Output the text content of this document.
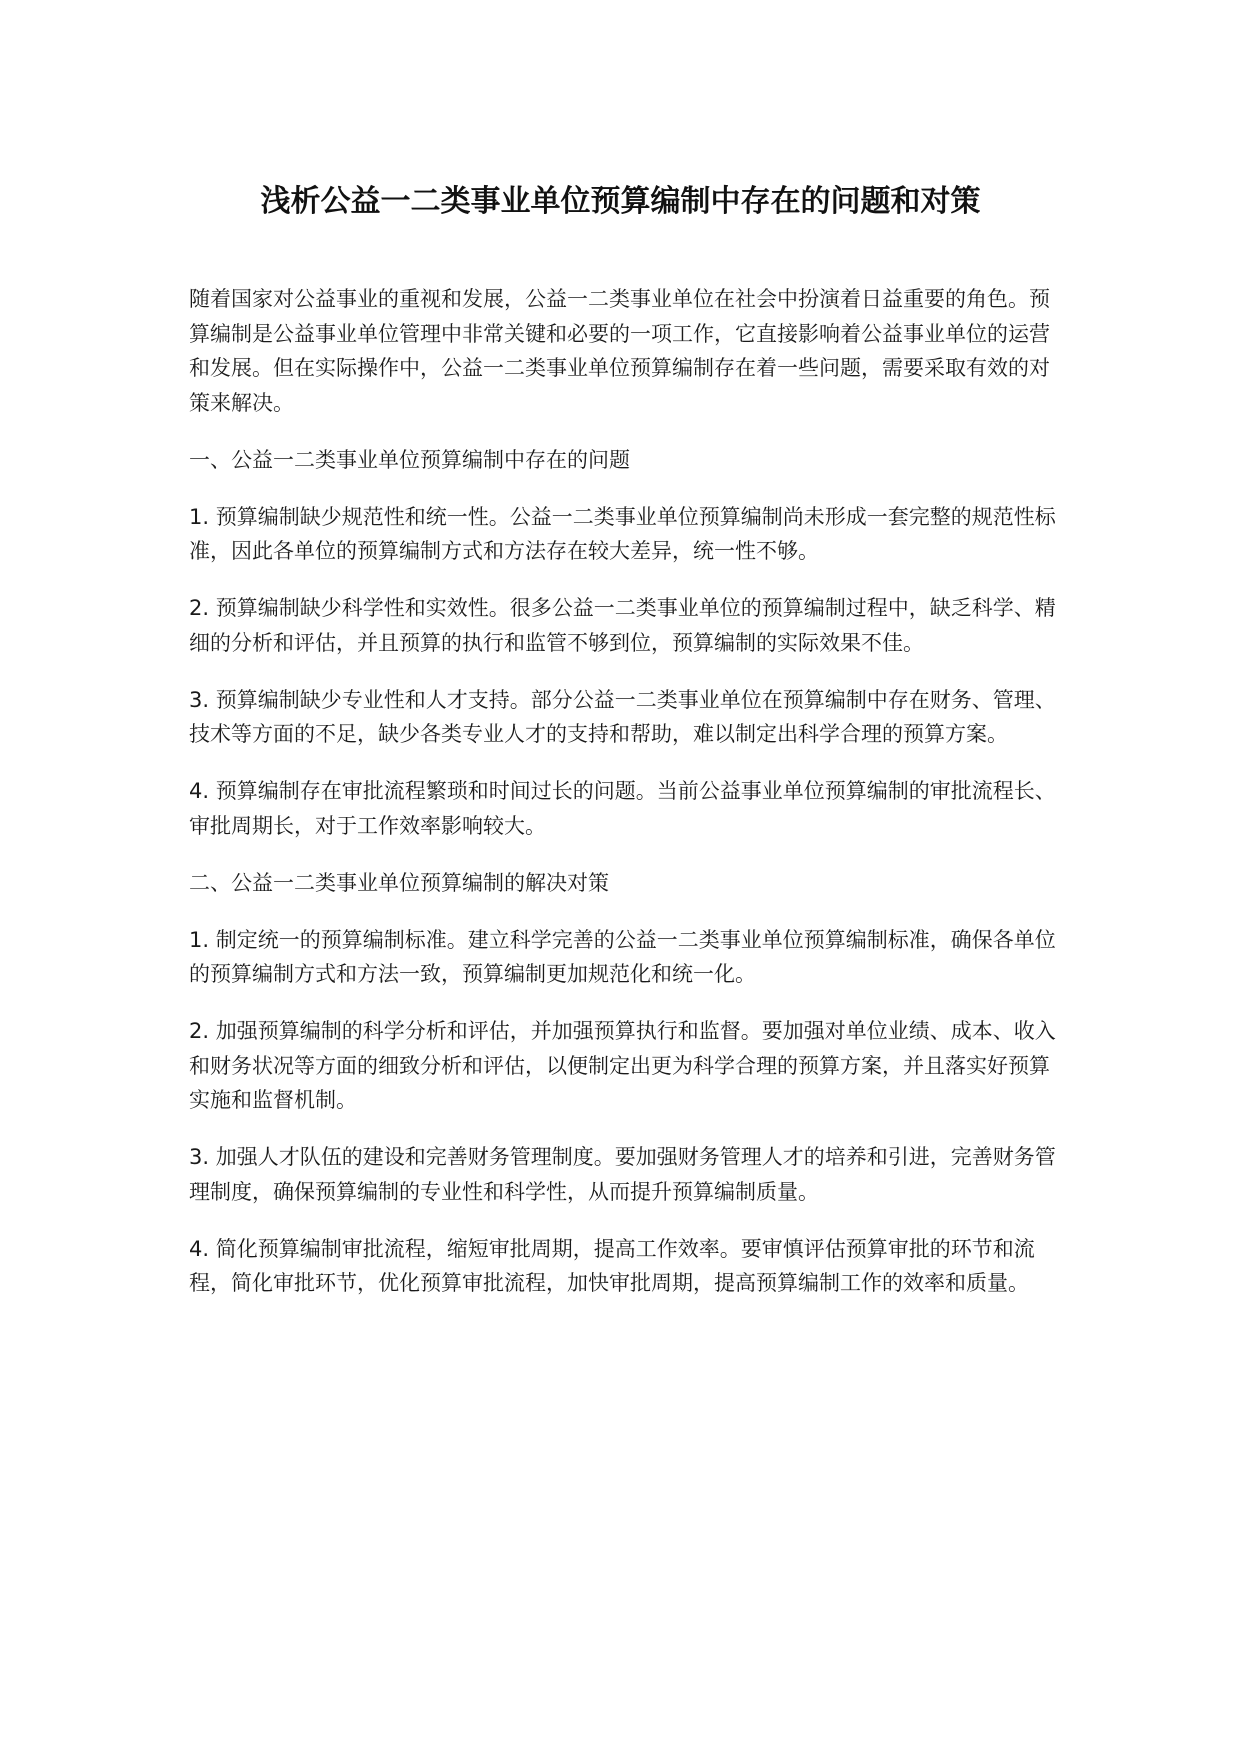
浅析公益一二类事业单位预算编制中存在的问题和对策

随着国家对公益事业的重视和发展，公益一二类事业单位在社会中扮演着日益重要的角色。预算编制是公益事业单位管理中非常关键和必要的一项工作，它直接影响着公益事业单位的运营和发展。但在实际操作中，公益一二类事业单位预算编制存在着一些问题，需要采取有效的对策来解决。

一、公益一二类事业单位预算编制中存在的问题

1. 预算编制缺少规范性和统一性。公益一二类事业单位预算编制尚未形成一套完整的规范性标准，因此各单位的预算编制方式和方法存在较大差异，统一性不够。

2. 预算编制缺少科学性和实效性。很多公益一二类事业单位的预算编制过程中，缺乏科学、精细的分析和评估，并且预算的执行和监管不够到位，预算编制的实际效果不佳。

3. 预算编制缺少专业性和人才支持。部分公益一二类事业单位在预算编制中存在财务、管理、技术等方面的不足，缺少各类专业人才的支持和帮助，难以制定出科学合理的预算方案。

4. 预算编制存在审批流程繁琐和时间过长的问题。当前公益事业单位预算编制的审批流程长、审批周期长，对于工作效率影响较大。

二、公益一二类事业单位预算编制的解决对策

1. 制定统一的预算编制标准。建立科学完善的公益一二类事业单位预算编制标准，确保各单位的预算编制方式和方法一致，预算编制更加规范化和统一化。

2. 加强预算编制的科学分析和评估，并加强预算执行和监督。要加强对单位业绩、成本、收入和财务状况等方面的细致分析和评估，以便制定出更为科学合理的预算方案，并且落实好预算实施和监督机制。

3. 加强人才队伍的建设和完善财务管理制度。要加强财务管理人才的培养和引进，完善财务管理制度，确保预算编制的专业性和科学性，从而提升预算编制质量。

4. 简化预算编制审批流程，缩短审批周期，提高工作效率。要审慎评估预算审批的环节和流程，简化审批环节，优化预算审批流程，加快审批周期，提高预算编制工作的效率和质量。
